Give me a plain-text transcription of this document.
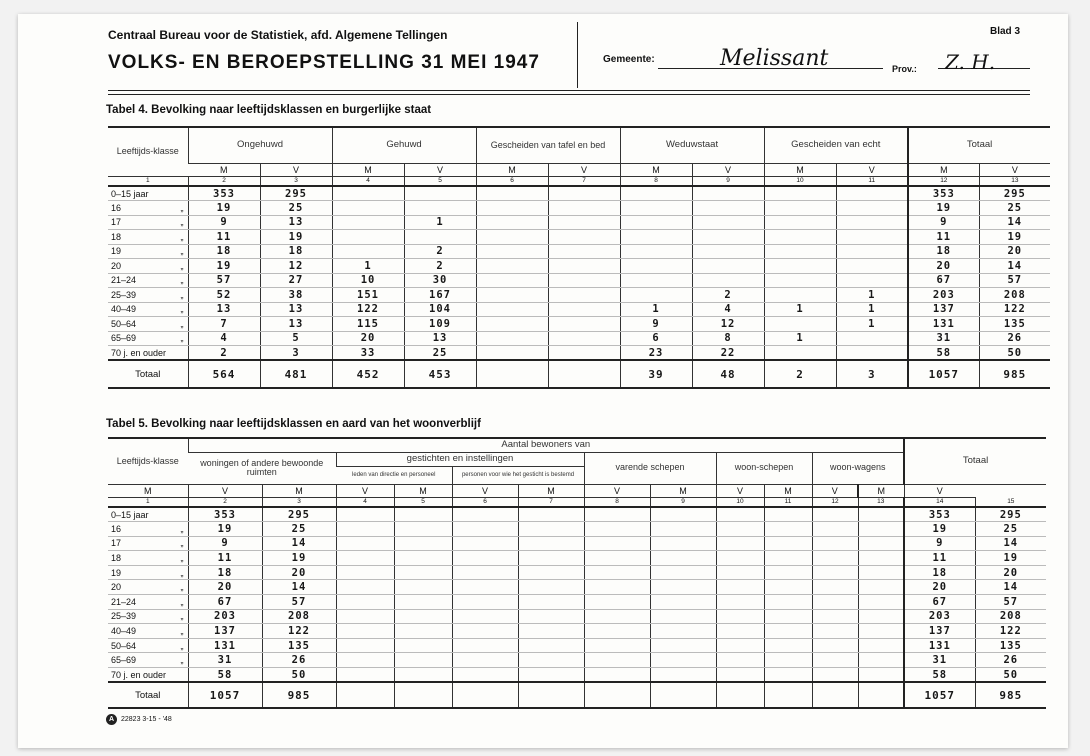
Centraal Bureau voor de Statistiek, afd. Algemene Tellingen
VOLKS- EN BEROEPSTELLING 31 MEI 1947	Gemeente:	Melissant	Prov.: Z. H.
Blad 3
Tabel 4. Bevolking naar leeftijdsklassen en burgerlijke staat
Leeftijds-klasse	Ongehuwd		Gehuwd		Gescheiden van tafel en bed		Weduwstaat		Gescheiden van echt		Totaal	
	M	V	M	V	M	V	M	V	M	V	M	V
1	2	3	4	5	6	7	8	9	10	11	12	13
0–15 jaar	353	295									353	295
16 „	19	25									19	25
17 „	9	13		1							9	14
18 „	11	19									11	19
19 „	18	18		2							18	20
20 „	19	12	1	2							20	14
21–24 „	57	27	10	30							67	57
25–39 „	52	38	151	167				2		1	203	208
40–49 „	13	13	122	104			1	4	1	1	137	122
50–64 „	7	13	115	109			9	12		1	131	135
65–69 „	4	5	20	13			6	8	1		31	26
70 j. en ouder	2	3	33	25			23	22			58	50
Totaal	564	481	452	453			39	48	2	3	1057	985
Tabel 5. Bevolking naar leeftijdsklassen en aard van het woonverblijf
Leeftijds-klasse	Aantal bewoners van												Totaal	
	woningen of andere bewoonde ruimten		gestichten en instellingen				varende schepen		woon-schepen		woon-wagens			
			leden van directie en personeel		personen voor wie het gesticht is bestemd									
M	V	M	V	M	V	M	V	M	V	M	V	M	V	
1	2	3	4	5	6	7	8	9	10	11	12	13	14	15
0–15 jaar	353	295											353	295
16 „	19	25											19	25
17 „	9	14											9	14
18 „	11	19											11	19
19 „	18	20											18	20
20 „	20	14											20	14
21–24 „	67	57											67	57
25–39 „	203	208											203	208
40–49 „	137	122											137	122
50–64 „	131	135											131	135
65–69 „	31	26											31	26
70 j. en ouder	58	50											58	50
Totaal	1057	985											1057	985
A 22823 3-15 - '48
